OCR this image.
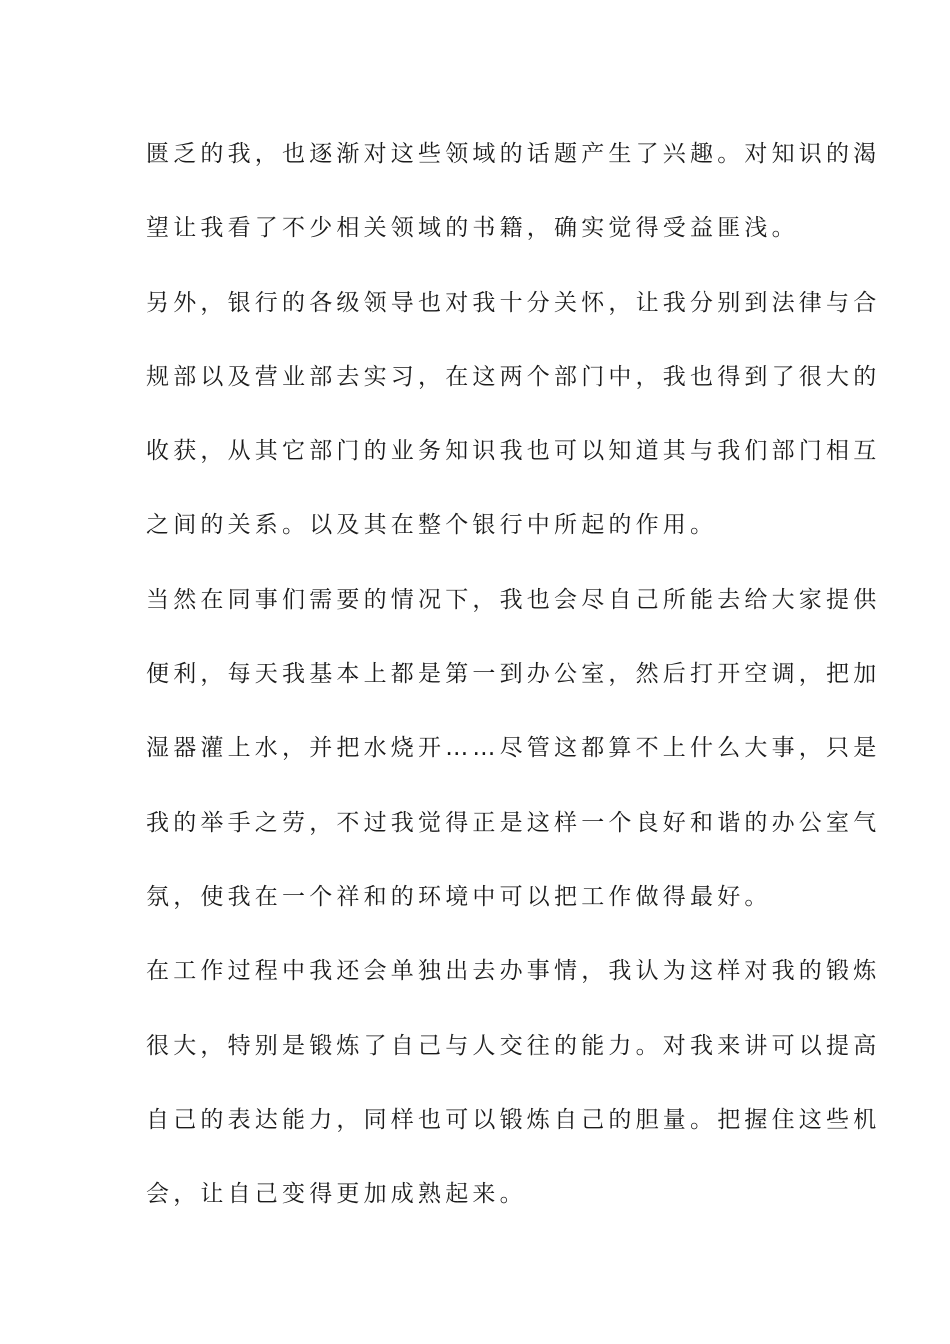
匮乏的我，也逐渐对这些领域的话题产生了兴趣。对知识的渴
望让我看了不少相关领域的书籍，确实觉得受益匪浅。
另外，银行的各级领导也对我十分关怀，让我分别到法律与合
规部以及营业部去实习，在这两个部门中，我也得到了很大的
收获，从其它部门的业务知识我也可以知道其与我们部门相互
之间的关系。以及其在整个银行中所起的作用。
当然在同事们需要的情况下，我也会尽自己所能去给大家提供
便利，每天我基本上都是第一到办公室，然后打开空调，把加
湿器灌上水，并把水烧开……尽管这都算不上什么大事，只是
我的举手之劳，不过我觉得正是这样一个良好和谐的办公室气
氛，使我在一个祥和的环境中可以把工作做得最好。
在工作过程中我还会单独出去办事情，我认为这样对我的锻炼
很大，特别是锻炼了自己与人交往的能力。对我来讲可以提高
自己的表达能力，同样也可以锻炼自己的胆量。把握住这些机
会，让自己变得更加成熟起来。
